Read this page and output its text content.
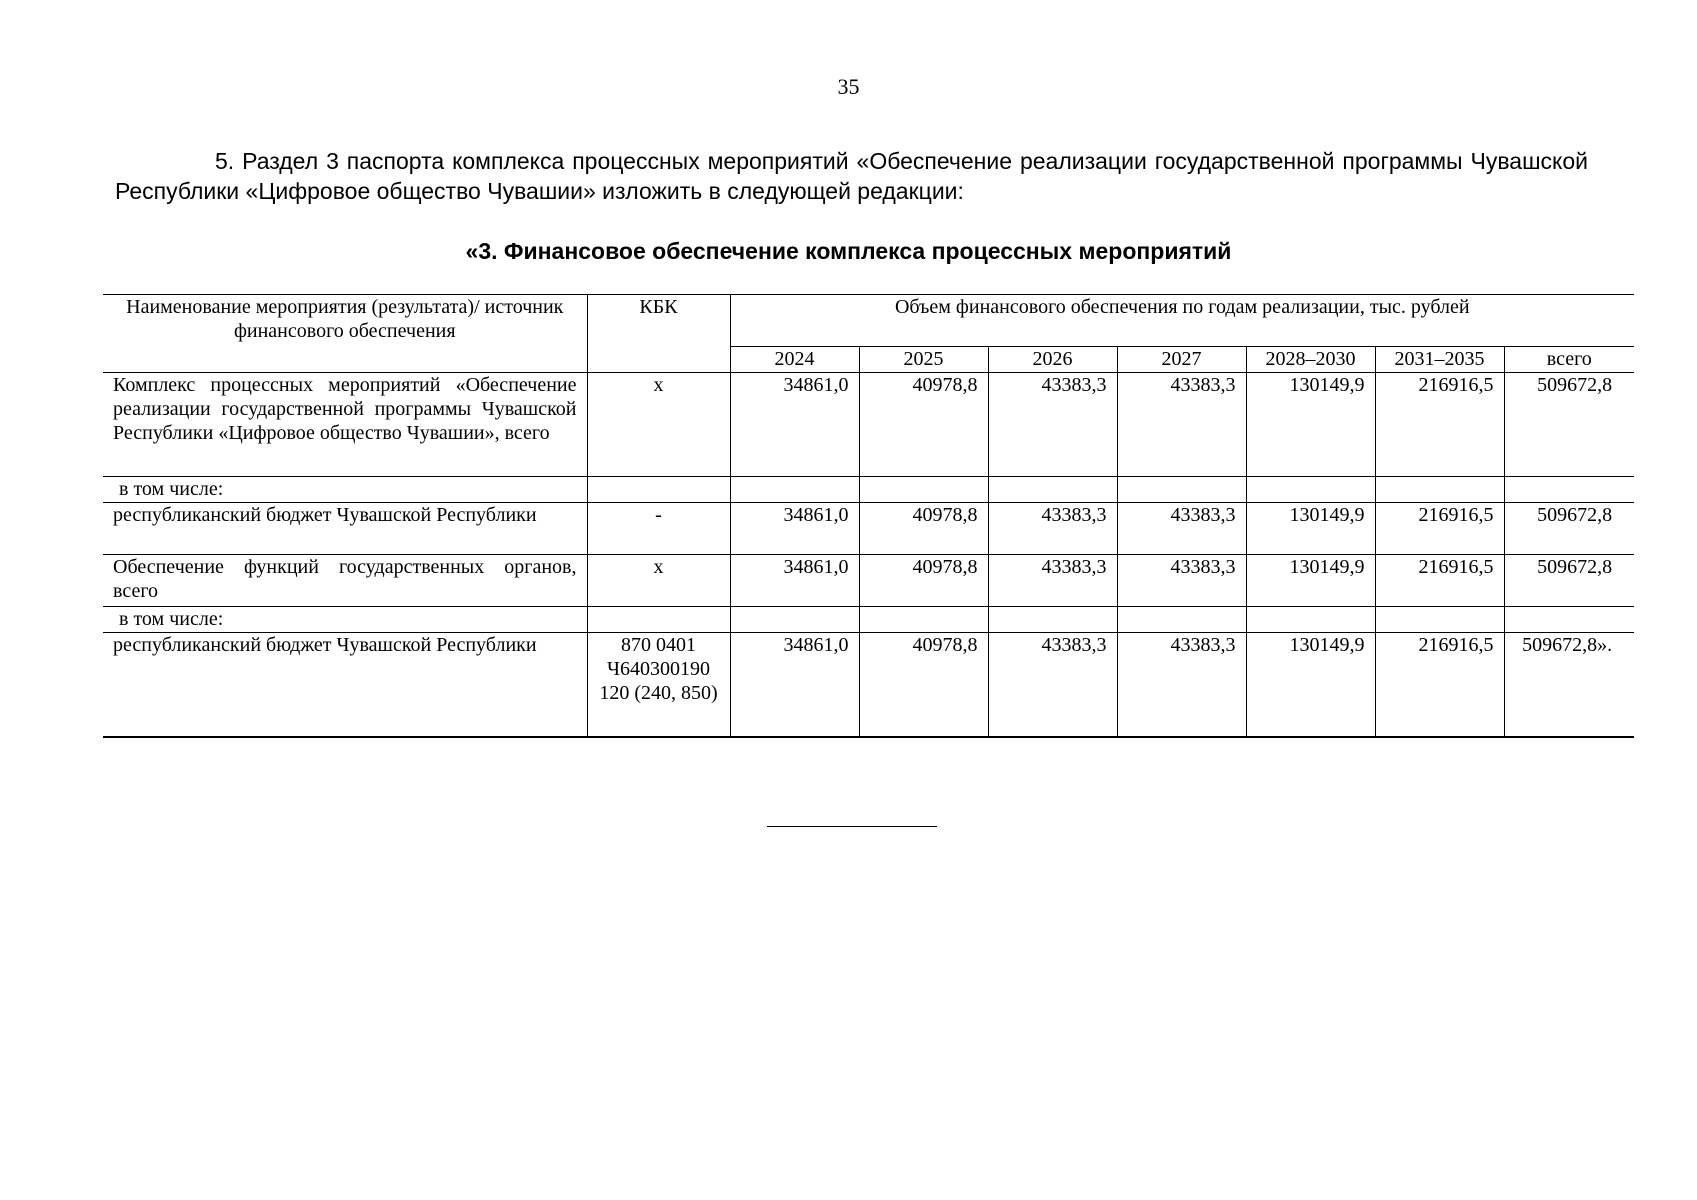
35

5. Раздел 3 паспорта комплекса процессных мероприятий «Обеспечение реализации государственной программы Чувашской Республики «Цифровое общество Чувашии» изложить в следующей редакции:

«3. Финансовое обеспечение комплекса процессных мероприятий
Наименование мероприятия (результата)/ источник финансового обеспечения	КБК	Объем финансового обеспечения по годам реализации, тыс. рублей						
		2024	2025	2026	2027	2028–2030	2031–2035	всего
Комплекс процессных мероприятий «Обеспечение реализации государственной программы Чувашской Республики «Цифровое общество Чувашии», всего	х	34861,0	40978,8	43383,3	43383,3	130149,9	216916,5	509672,8
в том числе:								
республиканский бюджет Чувашской Республики	-	34861,0	40978,8	43383,3	43383,3	130149,9	216916,5	509672,8
Обеспечение функций государственных органов, всего	х	34861,0	40978,8	43383,3	43383,3	130149,9	216916,5	509672,8
в том числе:								
республиканский бюджет Чувашской Республики	870 0401 Ч640300190 120 (240, 850)	34861,0	40978,8	43383,3	43383,3	130149,9	216916,5	509672,8».
